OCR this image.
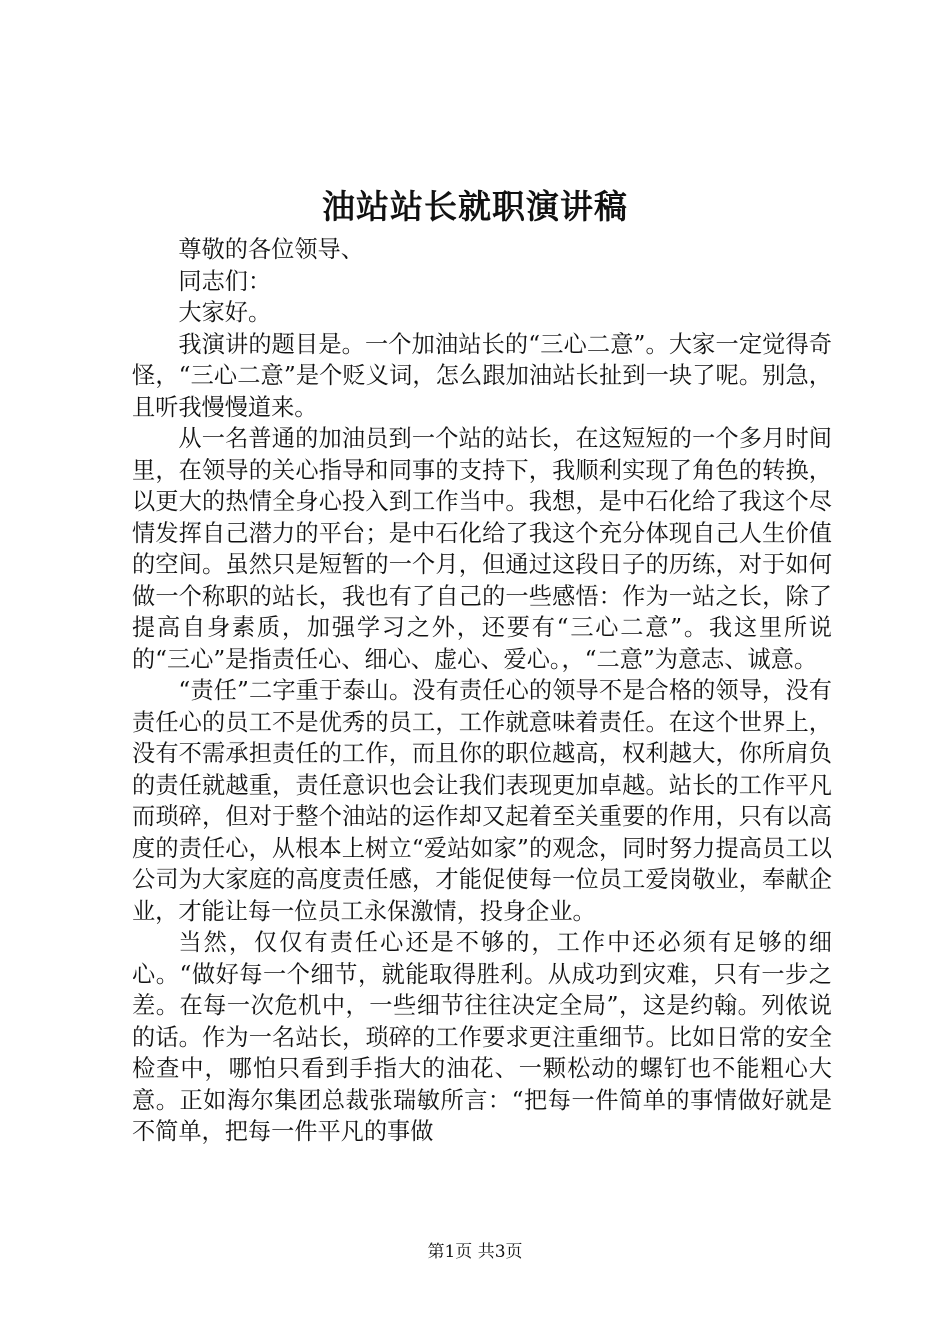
油站站长就职演讲稿

尊敬的各位领导、

同志们：

大家好。

我演讲的题目是。一个加油站长的“三心二意”。大家一定觉得奇怪，“三心二意”是个贬义词，怎么跟加油站长扯到一块了呢。别急，且听我慢慢道来。

从一名普通的加油员到一个站的站长，在这短短的一个多月时间里，在领导的关心指导和同事的支持下，我顺利实现了角色的转换，以更大的热情全身心投入到工作当中。我想，是中石化给了我这个尽情发挥自己潜力的平台；是中石化给了我这个充分体现自己人生价值的空间。虽然只是短暂的一个月，但通过这段日子的历练，对于如何做一个称职的站长，我也有了自己的一些感悟：作为一站之长，除了提高自身素质，加强学习之外，还要有“三心二意”。我这里所说的“三心”是指责任心、细心、虚心、爱心。，“二意”为意志、诚意。

“责任”二字重于泰山。没有责任心的领导不是合格的领导，没有责任心的员工不是优秀的员工，工作就意味着责任。在这个世界上，没有不需承担责任的工作，而且你的职位越高，权利越大，你所肩负的责任就越重，责任意识也会让我们表现更加卓越。站长的工作平凡而琐碎，但对于整个油站的运作却又起着至关重要的作用，只有以高度的责任心，从根本上树立“爱站如家”的观念，同时努力提高员工以公司为大家庭的高度责任感，才能促使每一位员工爱岗敬业，奉献企业，才能让每一位员工永保激情，投身企业。

当然，仅仅有责任心还是不够的，工作中还必须有足够的细心。“做好每一个细节，就能取得胜利。从成功到灾难，只有一步之差。在每一次危机中，一些细节往往决定全局”，这是约翰。列侬说的话。作为一名站长，琐碎的工作要求更注重细节。比如日常的安全检查中，哪怕只看到手指大的油花、一颗松动的螺钉也不能粗心大意。正如海尔集团总裁张瑞敏所言：“把每一件简单的事情做好就是不简单，把每一件平凡的事做

第1页 共3页
